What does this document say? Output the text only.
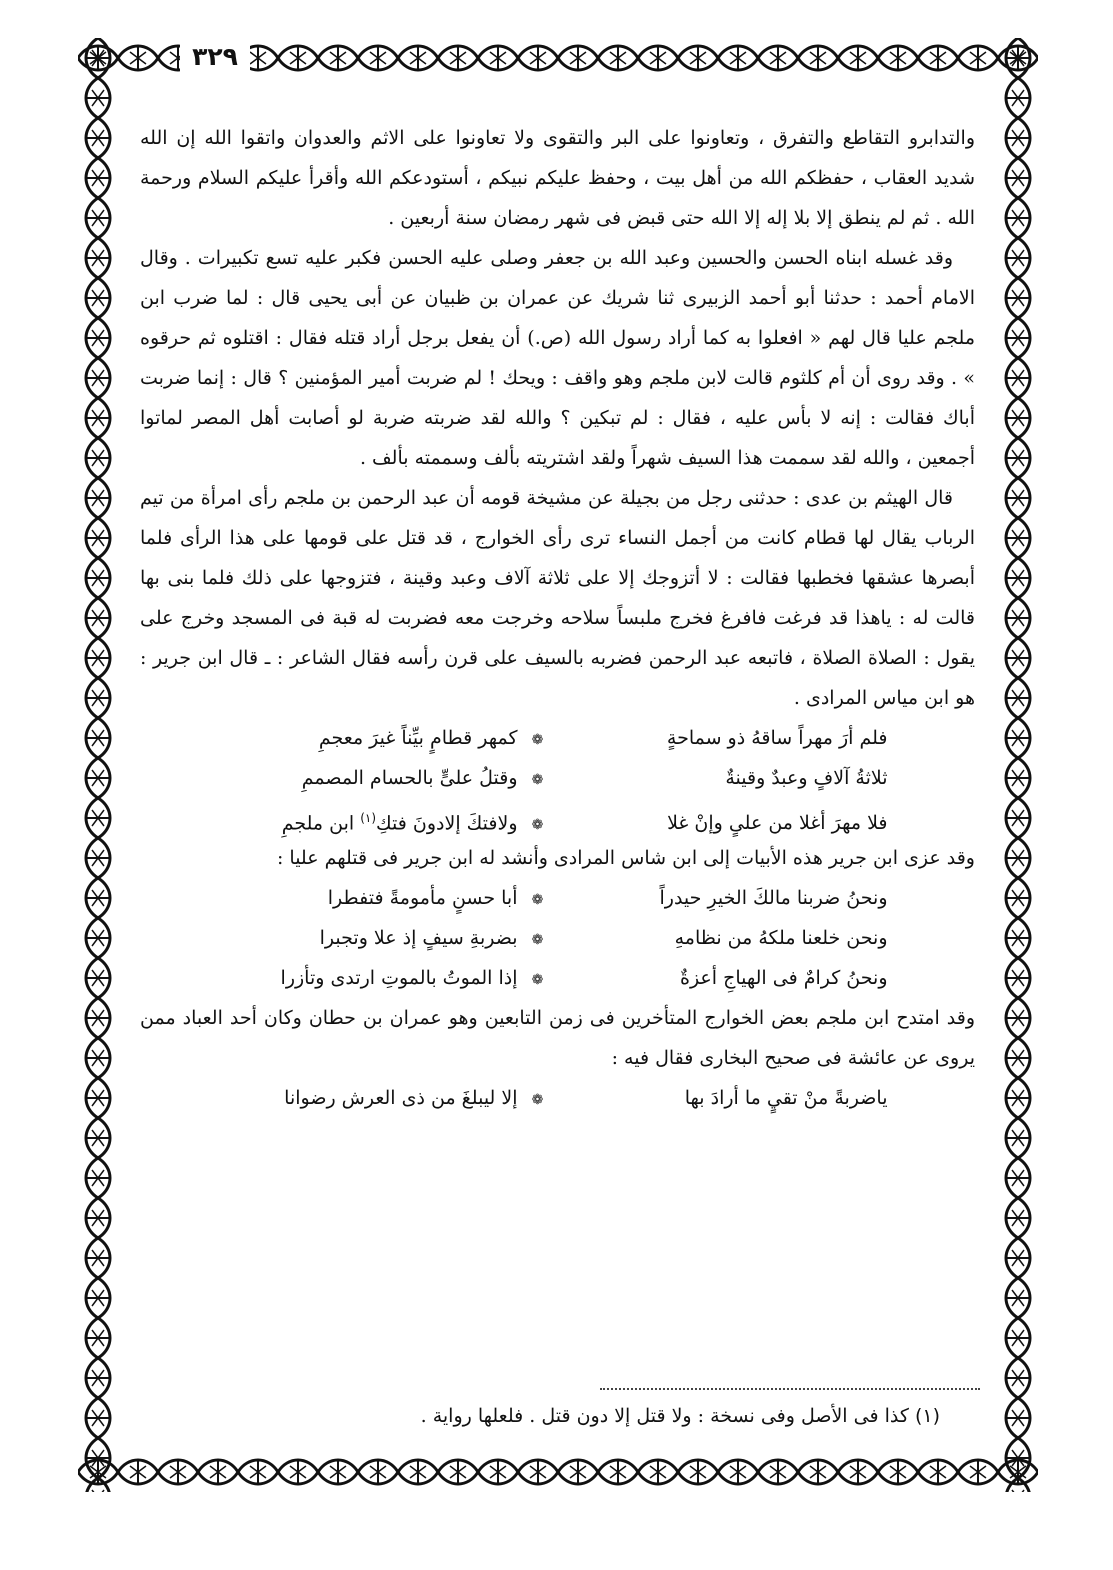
٣٢٩

والتدابرو التقاطع والتفرق ، وتعاونوا على البر والتقوى ولا تعاونوا على الاثم والعدوان واتقوا الله إن الله شديد العقاب ، حفظكم الله من أهل بيت ، وحفظ عليكم نبيكم ، أستودعكم الله وأقرأ عليكم السلام ورحمة الله . ثم لم ينطق إلا بلا إله إلا الله حتى قبض فى شهر رمضان سنة أربعين .

وقد غسله ابناه الحسن والحسين وعبد الله بن جعفر وصلى عليه الحسن فكبر عليه تسع تكبيرات . وقال الامام أحمد : حدثنا أبو أحمد الزبيرى ثنا شريك عن عمران بن ظبيان عن أبى يحيى قال : لما ضرب ابن ملجم عليا قال لهم « افعلوا به كما أراد رسول الله (ص.) أن يفعل برجل أراد قتله فقال : اقتلوه ثم حرقوه » . وقد روى أن أم كلثوم قالت لابن ملجم وهو واقف : ويحك ! لم ضربت أمير المؤمنين ؟ قال : إنما ضربت أباك فقالت : إنه لا بأس عليه ، فقال : لم تبكين ؟ والله لقد ضربته ضربة لو أصابت أهل المصر لماتوا أجمعين ، والله لقد سممت هذا السيف شهراً ولقد اشتريته بألف وسممته بألف .

قال الهيثم بن عدى : حدثنى رجل من بجيلة عن مشيخة قومه أن عبد الرحمن بن ملجم رأى امرأة من تيم الرباب يقال لها قطام كانت من أجمل النساء ترى رأى الخوارج ، قد قتل على قومها على هذا الرأى فلما أبصرها عشقها فخطبها فقالت : لا أتزوجك إلا على ثلاثة آلاف وعبد وقينة ، فتزوجها على ذلك فلما بنى بها قالت له : ياهذا قد فرغت فافرغ فخرج ملبساً سلاحه وخرجت معه فضربت له قبة فى المسجد وخرج على يقول : الصلاة الصلاة ، فاتبعه عبد الرحمن فضربه بالسيف على قرن رأسه فقال الشاعر : ـ قال ابن جرير : هو ابن مياس المرادى .

فلم أرَ مهراً ساقهُ ذو سماحةٍ
❁
كمهر قطامٍ بيِّناً غيرَ معجمِ
ثلاثةُ آلافٍ وعبدٌ وقينةٌ
❁
وقتلُ علىٍّ بالحسام المصممِ
فلا مهرَ أغلا من علىٍ وإنْ غلا
❁
ولافتكَ إلادونَ فتكِ$^{(١)}$ ابن ملجمِ

وقد عزى ابن جرير هذه الأبيات إلى ابن شاس المرادى وأنشد له ابن جرير فى قتلهم عليا :

ونحنُ ضربنا مالكَ الخيرِ حيدراً
❁
أبا حسنٍ مأمومةً فتفطرا
ونحن خلعنا ملكهُ من نظامهِ
❁
بضربةِ سيفٍ إذ علا وتجبرا
ونحنُ كرامٌ فى الهياجِ أعزةٌ
❁
إذا الموتُ بالموتِ ارتدى وتأزرا

وقد امتدح ابن ملجم بعض الخوارج المتأخرين فى زمن التابعين وهو عمران بن حطان وكان أحد العباد ممن يروى عن عائشة فى صحيح البخارى فقال فيه :

ياضربةً منْ تقيٍ ما أرادَ بها
❁
إلا ليبلغَ من ذى العرش رضوانا
(١) كذا فى الأصل وفى نسخة : ولا قتل إلا دون قتل . فلعلها رواية .
